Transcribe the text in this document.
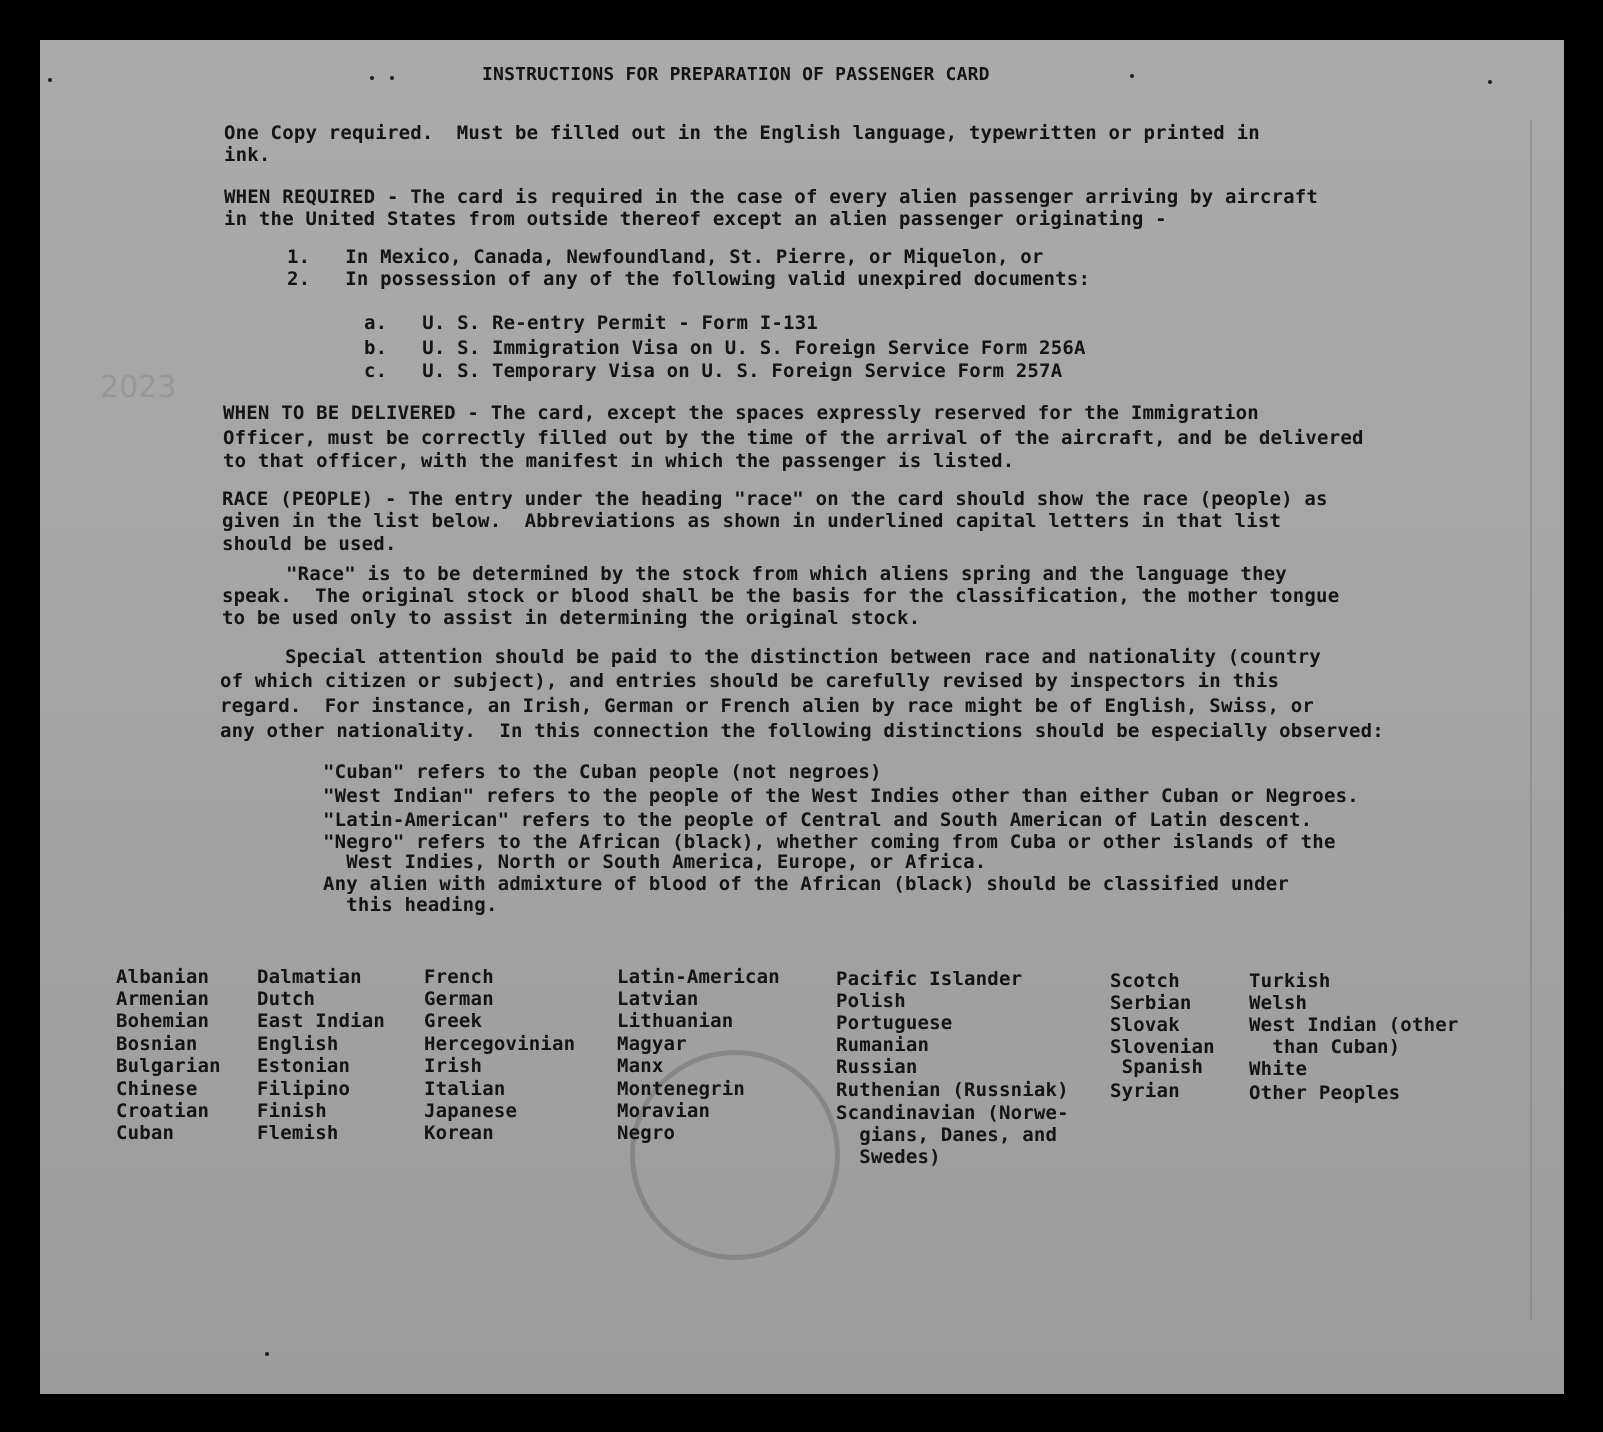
2023
INSTRUCTIONS FOR PREPARATION OF PASSENGER CARD
One Copy required.  Must be filled out in the English language, typewritten or printed in
ink.
WHEN REQUIRED - The card is required in the case of every alien passenger arriving by aircraft
in the United States from outside thereof except an alien passenger originating -
1.   In Mexico, Canada, Newfoundland, St. Pierre, or Miquelon, or
2.   In possession of any of the following valid unexpired documents:
a.   U. S. Re-entry Permit - Form I-131
b.   U. S. Immigration Visa on U. S. Foreign Service Form 256A
c.   U. S. Temporary Visa on U. S. Foreign Service Form 257A
WHEN TO BE DELIVERED - The card, except the spaces expressly reserved for the Immigration
Officer, must be correctly filled out by the time of the arrival of the aircraft, and be delivered
to that officer, with the manifest in which the passenger is listed.
RACE (PEOPLE) - The entry under the heading "race" on the card should show the race (people) as
given in the list below.  Abbreviations as shown in underlined capital letters in that list
should be used.
"Race" is to be determined by the stock from which aliens spring and the language they
speak.  The original stock or blood shall be the basis for the classification, the mother tongue
to be used only to assist in determining the original stock.
Special attention should be paid to the distinction between race and nationality (country
of which citizen or subject), and entries should be carefully revised by inspectors in this
regard.  For instance, an Irish, German or French alien by race might be of English, Swiss, or
any other nationality.  In this connection the following distinctions should be especially observed:
"Cuban" refers to the Cuban people (not negroes)
"West Indian" refers to the people of the West Indies other than either Cuban or Negroes.
"Latin-American" refers to the people of Central and South American of Latin descent.
"Negro" refers to the African (black), whether coming from Cuba or other islands of the
West Indies, North or South America, Europe, or Africa.
Any alien with admixture of blood of the African (black) should be classified under
this heading.
Albanian
Armenian
Bohemian
Bosnian
Bulgarian
Chinese
Croatian
Cuban
Dalmatian
Dutch
East Indian
English
Estonian
Filipino
Finish
Flemish
French
German
Greek
Hercegovinian
Irish
Italian
Japanese
Korean
Latin-American
Latvian
Lithuanian
Magyar
Manx
Montenegrin
Moravian
Negro
Pacific Islander
Polish
Portuguese
Rumanian
Russian
Ruthenian (Russniak)
Scandinavian (Norwe-
gians, Danes, and
Swedes)
Scotch
Serbian
Slovak
Slovenian
Spanish
Syrian
Turkish
Welsh
West Indian (other
than Cuban)
White
Other Peoples
